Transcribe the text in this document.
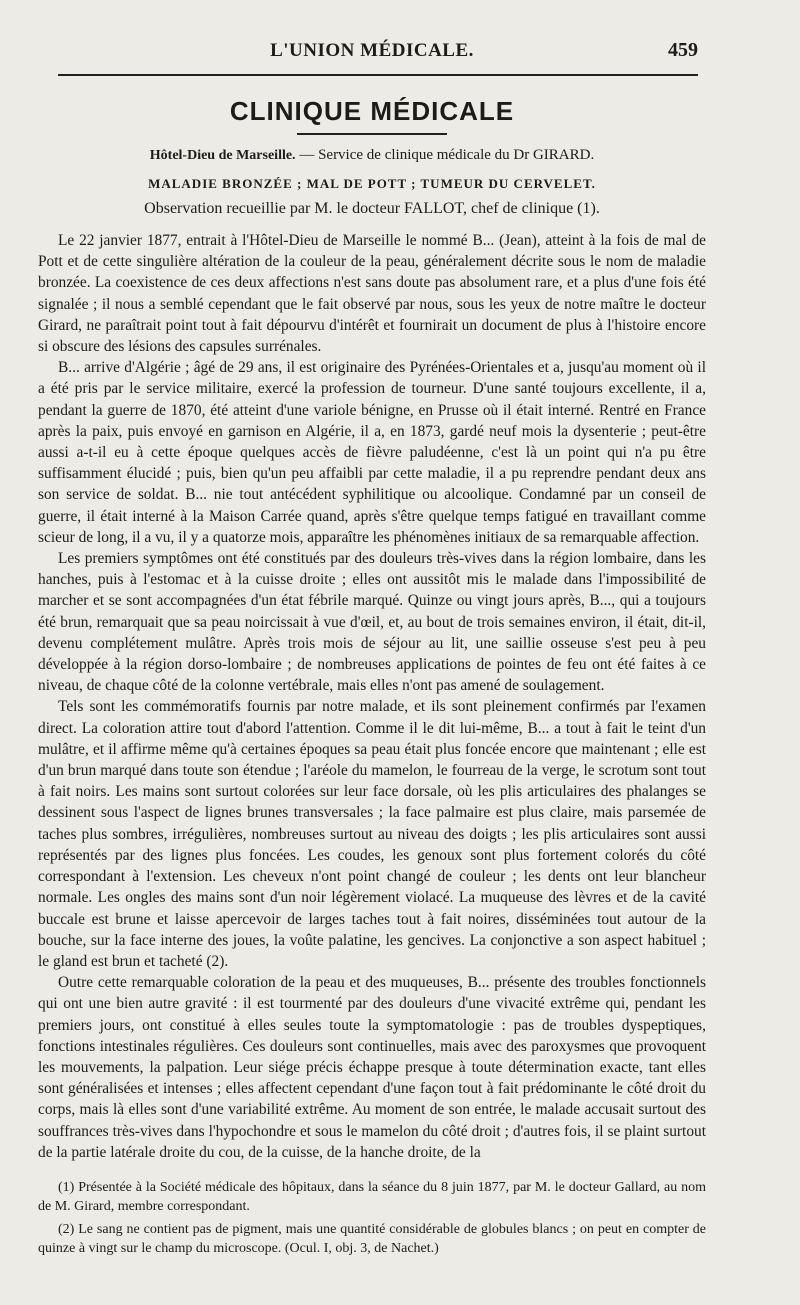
L'UNION MÉDICALE.	459
CLINIQUE MÉDICALE
Hôtel-Dieu de Marseille. — Service de clinique médicale du Dr GIRARD.
MALADIE BRONZÉE ; MAL DE POTT ; TUMEUR DU CERVELET.
Observation recueillie par M. le docteur FALLOT, chef de clinique (1).

Le 22 janvier 1877, entrait à l'Hôtel-Dieu de Marseille le nommé B... (Jean), atteint à la fois de mal de Pott et de cette singulière altération de la couleur de la peau, généralement décrite sous le nom de maladie bronzée. La coexistence de ces deux affections n'est sans doute pas absolument rare, et a plus d'une fois été signalée ; il nous a semblé cependant que le fait observé par nous, sous les yeux de notre maître le docteur Girard, ne paraîtrait point tout à fait dépourvu d'intérêt et fournirait un document de plus à l'histoire encore si obscure des lésions des capsules surrénales.

B... arrive d'Algérie ; âgé de 29 ans, il est originaire des Pyrénées-Orientales et a, jusqu'au moment où il a été pris par le service militaire, exercé la profession de tourneur. D'une santé toujours excellente, il a, pendant la guerre de 1870, été atteint d'une variole bénigne, en Prusse où il était interné. Rentré en France après la paix, puis envoyé en garnison en Algérie, il a, en 1873, gardé neuf mois la dysenterie ; peut-être aussi a-t-il eu à cette époque quelques accès de fièvre paludéenne, c'est là un point qui n'a pu être suffisamment élucidé ; puis, bien qu'un peu affaibli par cette maladie, il a pu reprendre pendant deux ans son service de soldat. B... nie tout antécédent syphilitique ou alcoolique. Condamné par un conseil de guerre, il était interné à la Maison Carrée quand, après s'être quelque temps fatigué en travaillant comme scieur de long, il a vu, il y a quatorze mois, apparaître les phénomènes initiaux de sa remarquable affection.

Les premiers symptômes ont été constitués par des douleurs très-vives dans la région lombaire, dans les hanches, puis à l'estomac et à la cuisse droite ; elles ont aussitôt mis le malade dans l'impossibilité de marcher et se sont accompagnées d'un état fébrile marqué. Quinze ou vingt jours après, B..., qui a toujours été brun, remarquait que sa peau noircissait à vue d'œil, et, au bout de trois semaines environ, il était, dit-il, devenu complétement mulâtre. Après trois mois de séjour au lit, une saillie osseuse s'est peu à peu développée à la région dorso-lombaire ; de nombreuses applications de pointes de feu ont été faites à ce niveau, de chaque côté de la colonne vertébrale, mais elles n'ont pas amené de soulagement.

Tels sont les commémoratifs fournis par notre malade, et ils sont pleinement confirmés par l'examen direct. La coloration attire tout d'abord l'attention. Comme il le dit lui-même, B... a tout à fait le teint d'un mulâtre, et il affirme même qu'à certaines époques sa peau était plus foncée encore que maintenant ; elle est d'un brun marqué dans toute son étendue ; l'aréole du mamelon, le fourreau de la verge, le scrotum sont tout à fait noirs. Les mains sont surtout colorées sur leur face dorsale, où les plis articulaires des phalanges se dessinent sous l'aspect de lignes brunes transversales ; la face palmaire est plus claire, mais parsemée de taches plus sombres, irrégulières, nombreuses surtout au niveau des doigts ; les plis articulaires sont aussi représentés par des lignes plus foncées. Les coudes, les genoux sont plus fortement colorés du côté correspondant à l'extension. Les cheveux n'ont point changé de couleur ; les dents ont leur blancheur normale. Les ongles des mains sont d'un noir légèrement violacé. La muqueuse des lèvres et de la cavité buccale est brune et laisse apercevoir de larges taches tout à fait noires, disséminées tout autour de la bouche, sur la face interne des joues, la voûte palatine, les gencives. La conjonctive a son aspect habituel ; le gland est brun et tacheté (2).

Outre cette remarquable coloration de la peau et des muqueuses, B... présente des troubles fonctionnels qui ont une bien autre gravité : il est tourmenté par des douleurs d'une vivacité extrême qui, pendant les premiers jours, ont constitué à elles seules toute la symptomatologie : pas de troubles dyspeptiques, fonctions intestinales régulières. Ces douleurs sont continuelles, mais avec des paroxysmes que provoquent les mouvements, la palpation. Leur siége précis échappe presque à toute détermination exacte, tant elles sont généralisées et intenses ; elles affectent cependant d'une façon tout à fait prédominante le côté droit du corps, mais là elles sont d'une variabilité extrême. Au moment de son entrée, le malade accusait surtout des souffrances très-vives dans l'hypochondre et sous le mamelon du côté droit ; d'autres fois, il se plaint surtout de la partie latérale droite du cou, de la cuisse, de la hanche droite, de la

(1) Présentée à la Société médicale des hôpitaux, dans la séance du 8 juin 1877, par M. le docteur Gallard, au nom de M. Girard, membre correspondant.

(2) Le sang ne contient pas de pigment, mais une quantité considérable de globules blancs ; on peut en compter de quinze à vingt sur le champ du microscope. (Ocul. I, obj. 3, de Nachet.)
